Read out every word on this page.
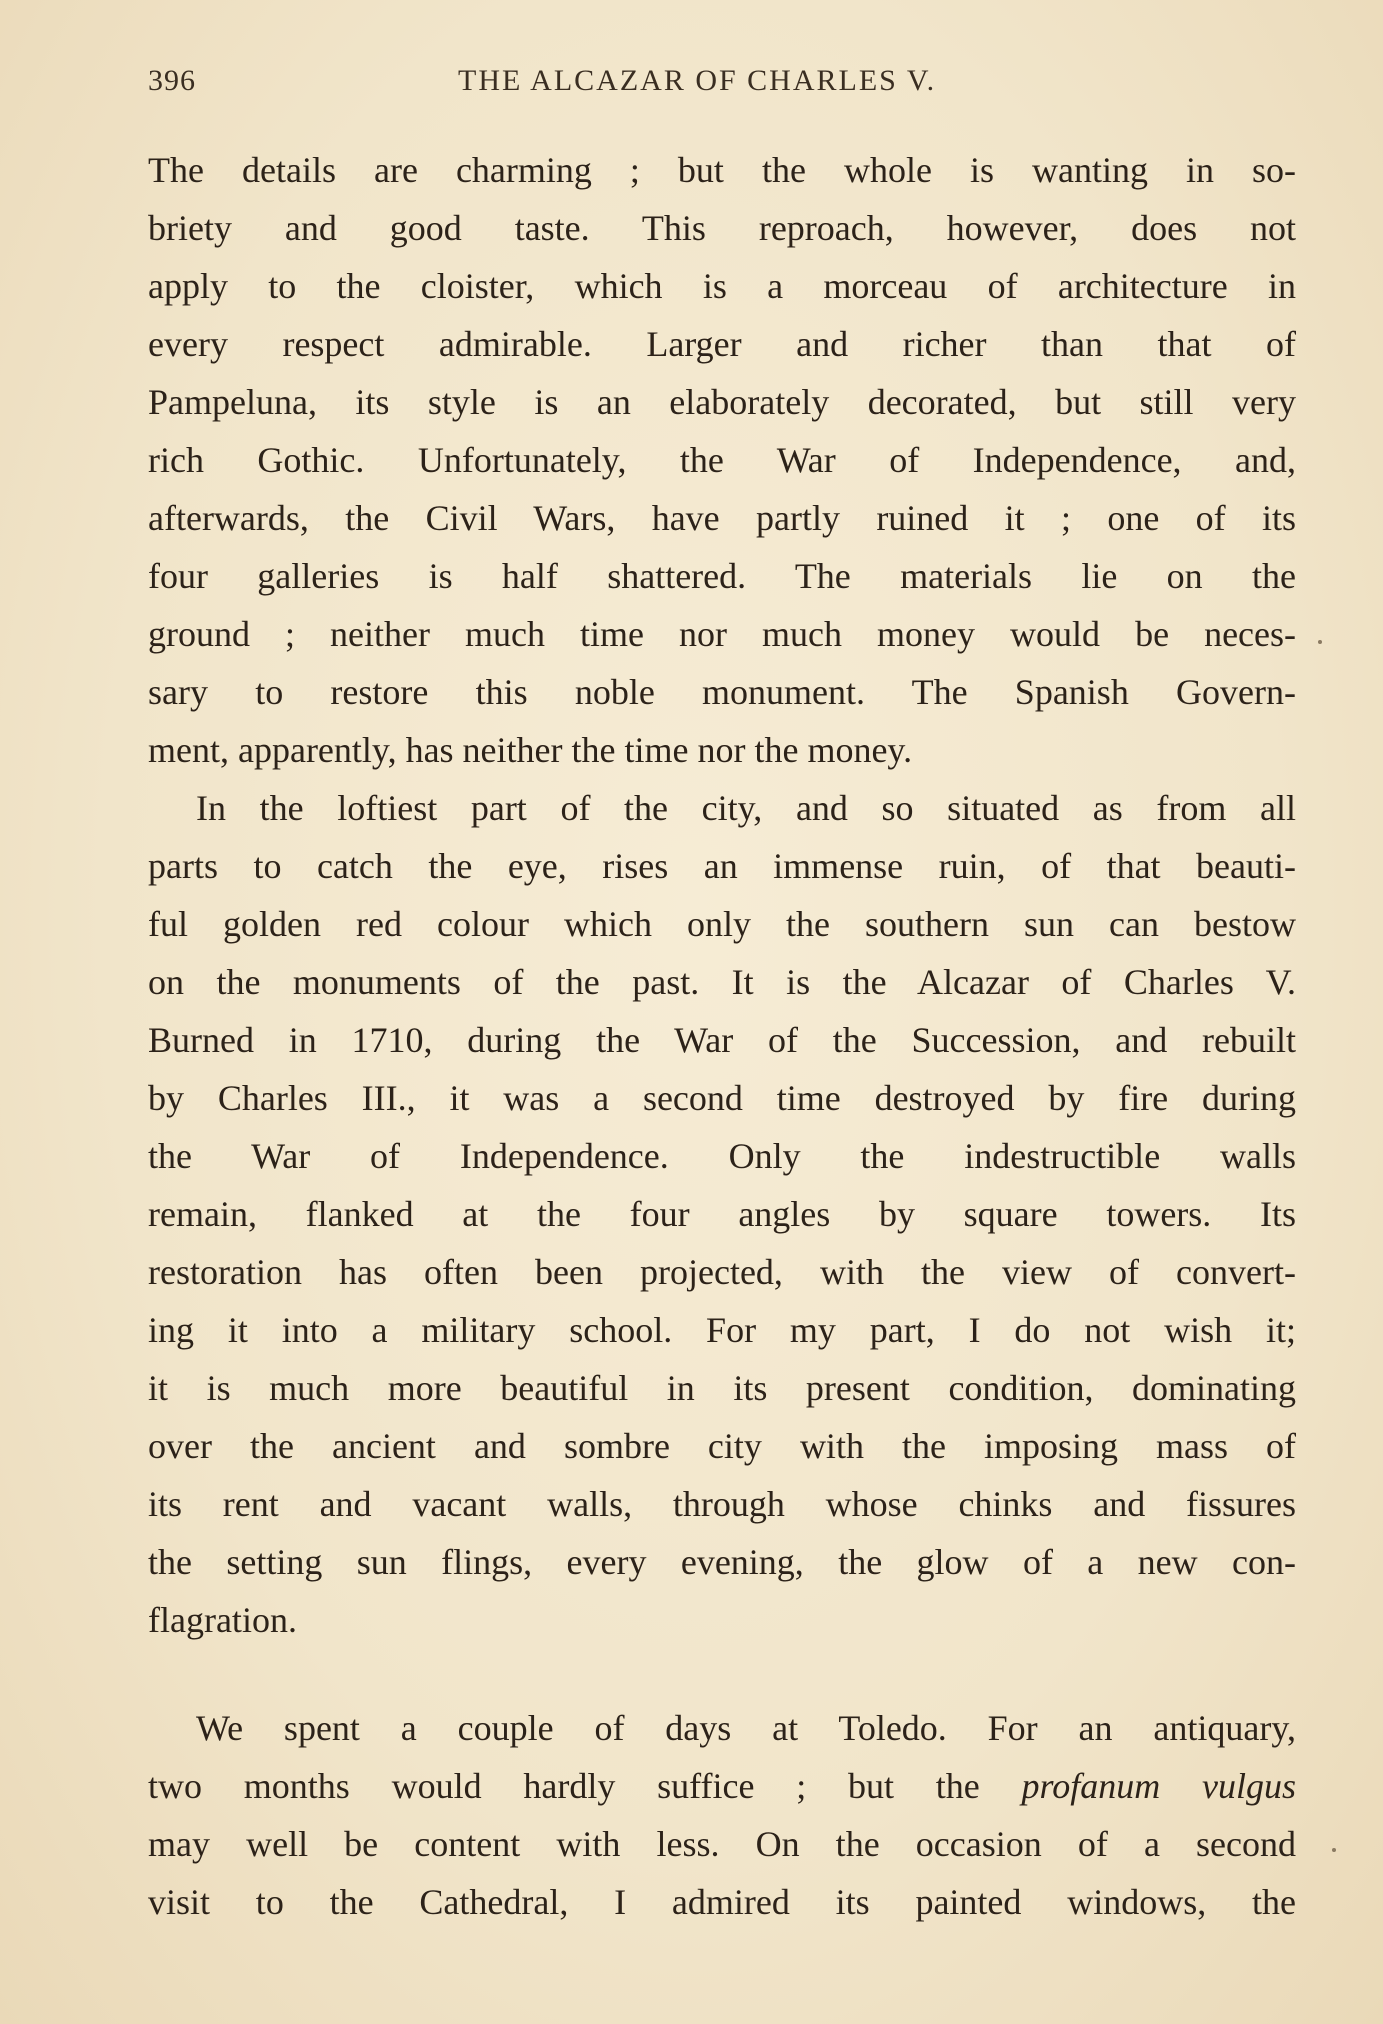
396	THE ALCAZAR OF CHARLES V.
The details are charming ; but the whole is wanting in so-
briety and good taste. This reproach, however, does not
apply to the cloister, which is a morceau of architecture in
every respect admirable. Larger and richer than that of
Pampeluna, its style is an elaborately decorated, but still very
rich Gothic. Unfortunately, the War of Independence, and,
afterwards, the Civil Wars, have partly ruined it ; one of its
four galleries is half shattered. The materials lie on the
ground ; neither much time nor much money would be neces-
sary to restore this noble monument. The Spanish Govern-
ment, apparently, has neither the time nor the money.
In the loftiest part of the city, and so situated as from all
parts to catch the eye, rises an immense ruin, of that beauti-
ful golden red colour which only the southern sun can bestow
on the monuments of the past. It is the Alcazar of Charles V.
Burned in 1710, during the War of the Succession, and rebuilt
by Charles III., it was a second time destroyed by fire during
the War of Independence. Only the indestructible walls
remain, flanked at the four angles by square towers. Its
restoration has often been projected, with the view of convert-
ing it into a military school. For my part, I do not wish it;
it is much more beautiful in its present condition, dominating
over the ancient and sombre city with the imposing mass of
its rent and vacant walls, through whose chinks and fissures
the setting sun flings, every evening, the glow of a new con-
flagration.
We spent a couple of days at Toledo. For an antiquary,
two months would hardly suffice ; but the profanum vulgus
may well be content with less. On the occasion of a second
visit to the Cathedral, I admired its painted windows, the
